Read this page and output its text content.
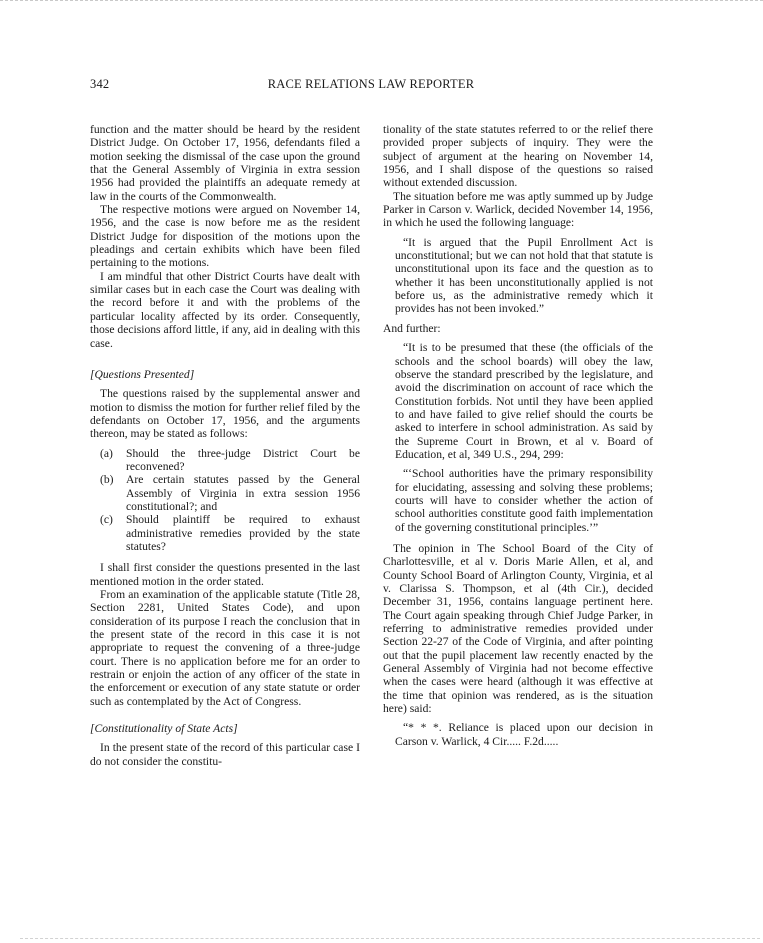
342	RACE RELATIONS LAW REPORTER

function and the matter should be heard by the resident District Judge. On October 17, 1956, defendants filed a motion seeking the dismissal of the case upon the ground that the General Assembly of Virginia in extra session 1956 had provided the plaintiffs an adequate remedy at law in the courts of the Commonwealth.

The respective motions were argued on November 14, 1956, and the case is now before me as the resident District Judge for disposition of the motions upon the pleadings and certain exhibits which have been filed pertaining to the motions.

I am mindful that other District Courts have dealt with similar cases but in each case the Court was dealing with the record before it and with the problems of the particular locality affected by its order. Consequently, those decisions afford little, if any, aid in dealing with this case.

[Questions Presented]

The questions raised by the supplemental answer and motion to dismiss the motion for further relief filed by the defendants on October 17, 1956, and the arguments thereon, may be stated as follows:

(a) Should the three-judge District Court be reconvened?
(b) Are certain statutes passed by the General Assembly of Virginia in extra session 1956 constitutional?; and
(c) Should plaintiff be required to exhaust administrative remedies provided by the state statutes?

I shall first consider the questions presented in the last mentioned motion in the order stated.

From an examination of the applicable statute (Title 28, Section 2281, United States Code), and upon consideration of its purpose I reach the conclusion that in the present state of the record in this case it is not appropriate to request the convening of a three-judge court. There is no application before me for an order to restrain or enjoin the action of any officer of the state in the enforcement or execution of any state statute or order such as contemplated by the Act of Congress.

[Constitutionality of State Acts]

In the present state of the record of this particular case I do not consider the constitu-

tionality of the state statutes referred to or the relief there provided proper subjects of inquiry. They were the subject of argument at the hearing on November 14, 1956, and I shall dispose of the questions so raised without extended discussion.

The situation before me was aptly summed up by Judge Parker in Carson v. Warlick, decided November 14, 1956, in which he used the following language:

“It is argued that the Pupil Enrollment Act is unconstitutional; but we can not hold that that statute is unconstitutional upon its face and the question as to whether it has been unconstitutionally applied is not before us, as the administrative remedy which it provides has not been invoked.”

And further:

“It is to be presumed that these (the officials of the schools and the school boards) will obey the law, observe the standard prescribed by the legislature, and avoid the discrimination on account of race which the Constitution forbids. Not until they have been applied to and have failed to give relief should the courts be asked to interfere in school administration. As said by the Supreme Court in Brown, et al v. Board of Education, et al, 349 U.S., 294, 299:

“‘School authorities have the primary responsibility for elucidating, assessing and solving these problems; courts will have to consider whether the action of school authorities constitute good faith implementation of the governing constitutional principles.’”

The opinion in The School Board of the City of Charlottesville, et al v. Doris Marie Allen, et al, and County School Board of Arlington County, Virginia, et al v. Clarissa S. Thompson, et al (4th Cir.), decided December 31, 1956, contains language pertinent here. The Court again speaking through Chief Judge Parker, in referring to administrative remedies provided under Section 22-27 of the Code of Virginia, and after pointing out that the pupil placement law recently enacted by the General Assembly of Virginia had not become effective when the cases were heard (although it was effective at the time that opinion was rendered, as is the situation here) said:

“* * *. Reliance is placed upon our decision in Carson v. Warlick, 4 Cir..... F.2d.....
